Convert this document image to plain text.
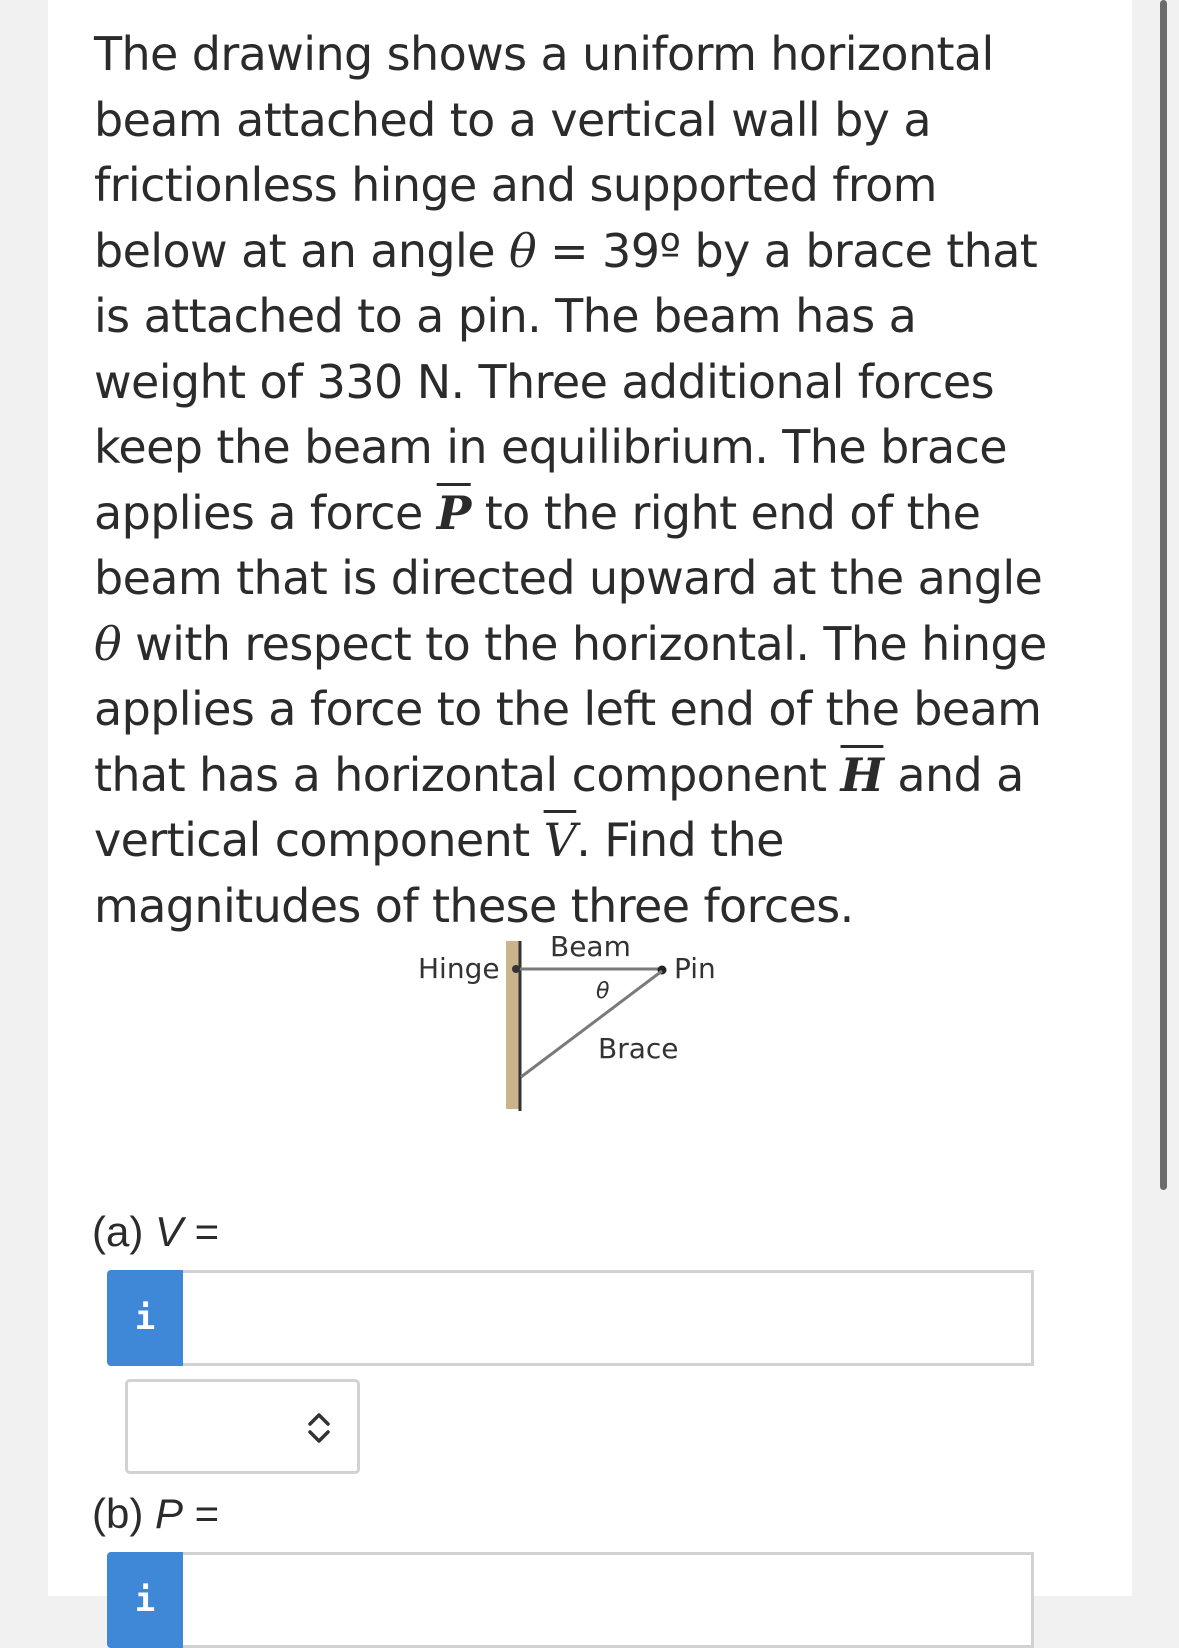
The drawing shows a uniform horizontal beam attached to a vertical wall by a frictionless hinge and supported from below at an angle θ = 39º by a brace that is attached to a pin. The beam has a weight of 330 N. Three additional forces keep the beam in equilibrium. The brace applies a force $\overline{P}$ to the right end of the beam that is directed upward at the angle θ with respect to the horizontal. The hinge applies a force to the left end of the beam that has a horizontal component $\overline{H}$ and a vertical component $\overline{V}$. Find the magnitudes of these three forces.

Hinge
Beam
Pin
θ
Brace
(a) V =
i
(b) P =
i
